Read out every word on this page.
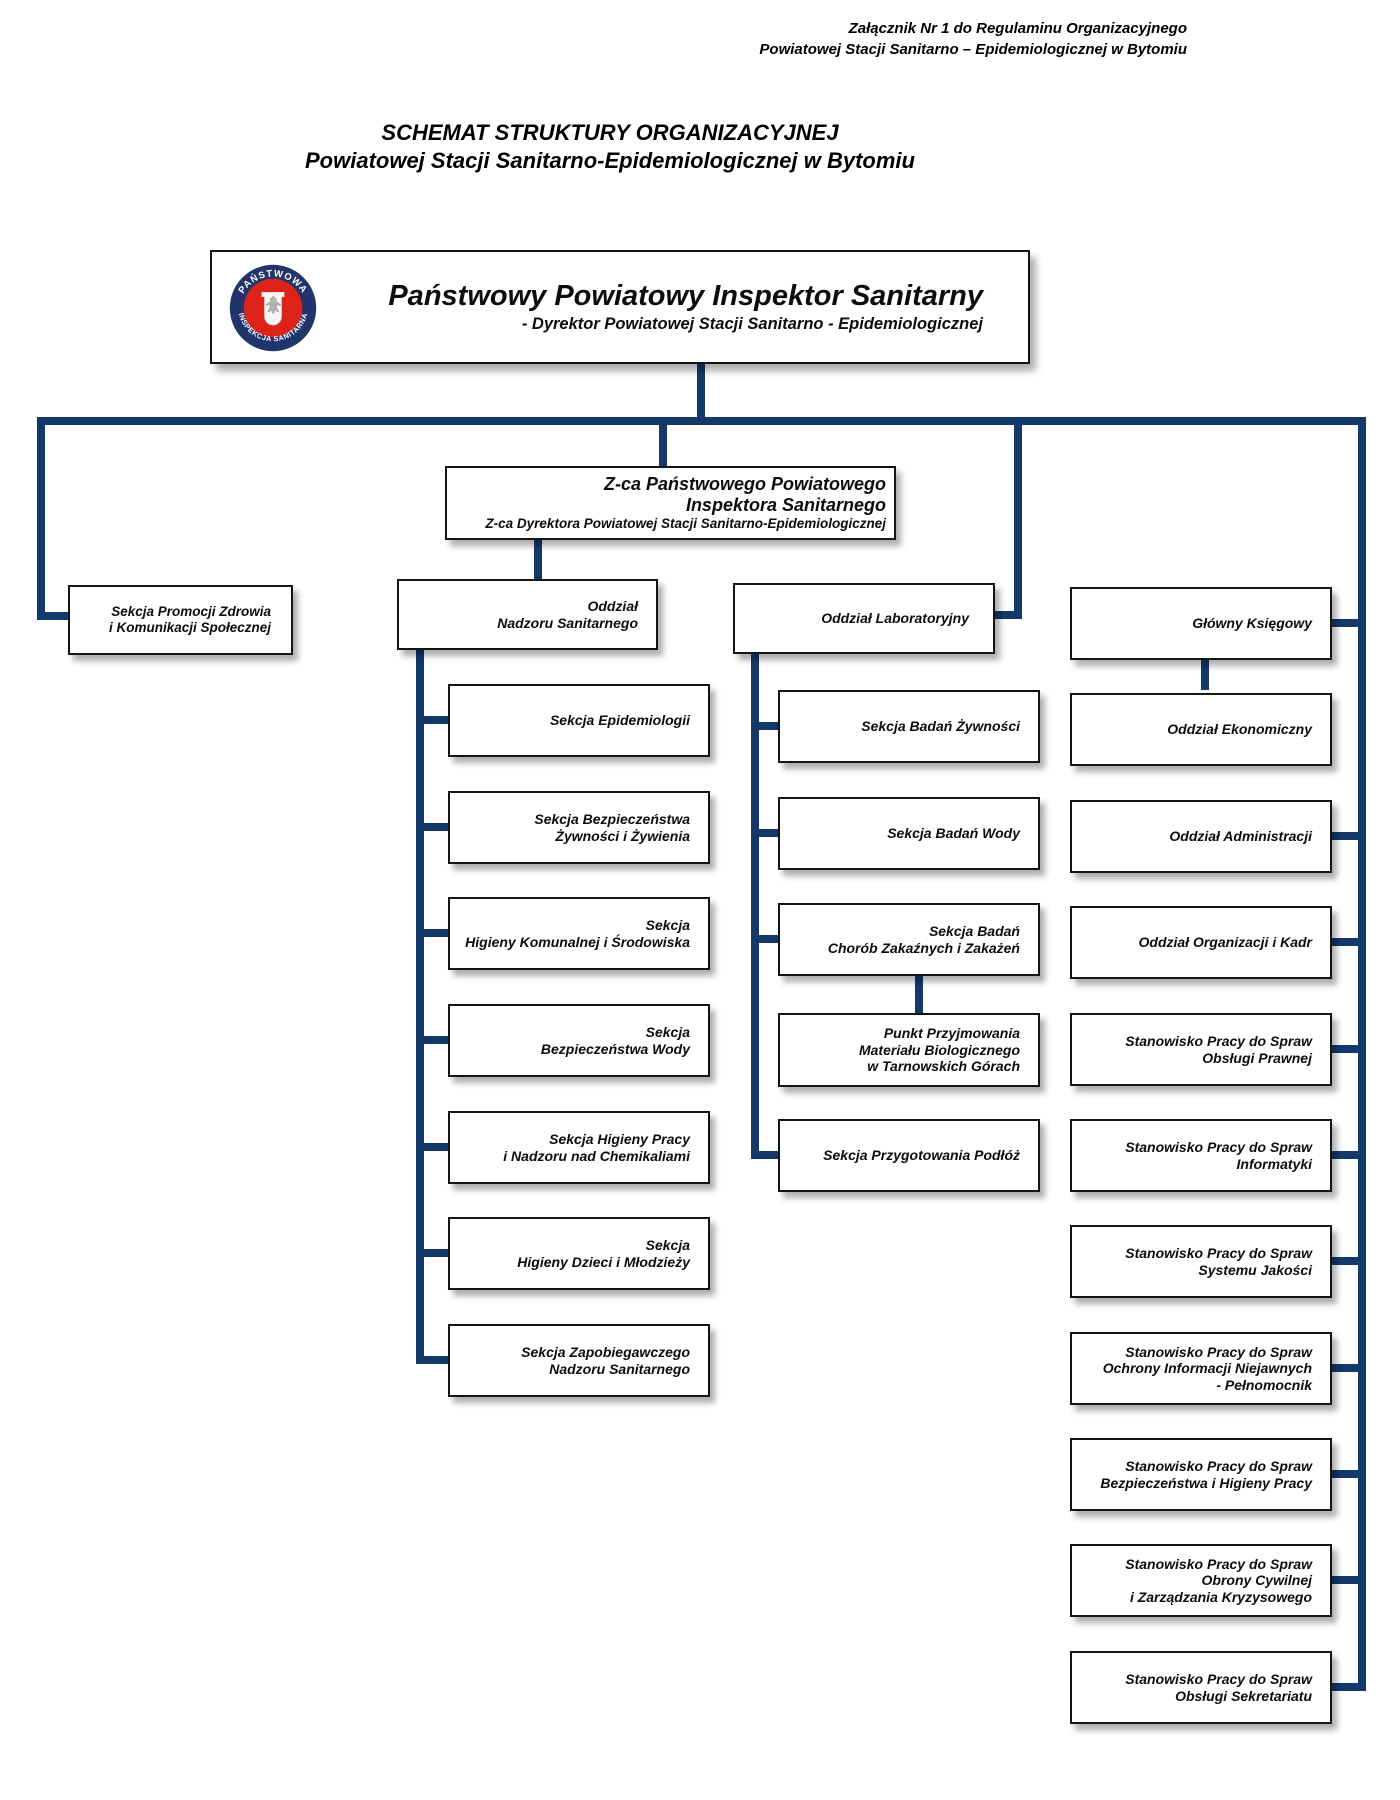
Załącznik Nr 1 do Regulaminu Organizacyjnego
Powiatowej Stacji Sanitarno – Epidemiologicznej w Bytomiu
SCHEMAT STRUKTURY ORGANIZACYJNEJ
Powiatowej Stacji Sanitarno-Epidemiologicznej w Bytomiu
PAŃSTWOWA
INSPEKCJA SANITARNA
Państwowy Powiatowy Inspektor Sanitarny
- Dyrektor Powiatowej Stacji Sanitarno - Epidemiologicznej
Z-ca Państwowego Powiatowego
Inspektora Sanitarnego
Z-ca Dyrektora Powiatowej Stacji Sanitarno-Epidemiologicznej
Sekcja Promocji Zdrowia
i Komunikacji Społecznej
Oddział
Nadzoru Sanitarnego	Oddział Laboratoryjny	Główny Księgowy
Sekcja Epidemiologii
Sekcja Bezpieczeństwa
Żywności i Żywienia
Sekcja
Higieny Komunalnej i Środowiska
Sekcja
Bezpieczeństwa Wody
Sekcja Higieny Pracy
i Nadzoru nad Chemikaliami
Sekcja
Higieny Dzieci i Młodzieży
Sekcja Zapobiegawczego
Nadzoru Sanitarnego
Sekcja Badań Żywności
Sekcja Badań Wody
Sekcja Badań
Chorób Zakaźnych i Zakażeń
Punkt Przyjmowania
Materiału Biologicznego
w Tarnowskich Górach
Sekcja Przygotowania Podłóż
Oddział Ekonomiczny
Oddział Administracji
Oddział Organizacji i Kadr
Stanowisko Pracy do Spraw
Obsługi Prawnej
Stanowisko Pracy do Spraw
Informatyki
Stanowisko Pracy do Spraw
Systemu Jakości
Stanowisko Pracy do Spraw
Ochrony Informacji Niejawnych
- Pełnomocnik
Stanowisko Pracy do Spraw
Bezpieczeństwa i Higieny Pracy
Stanowisko Pracy do Spraw
Obrony Cywilnej
i Zarządzania Kryzysowego
Stanowisko Pracy do Spraw
Obsługi Sekretariatu
